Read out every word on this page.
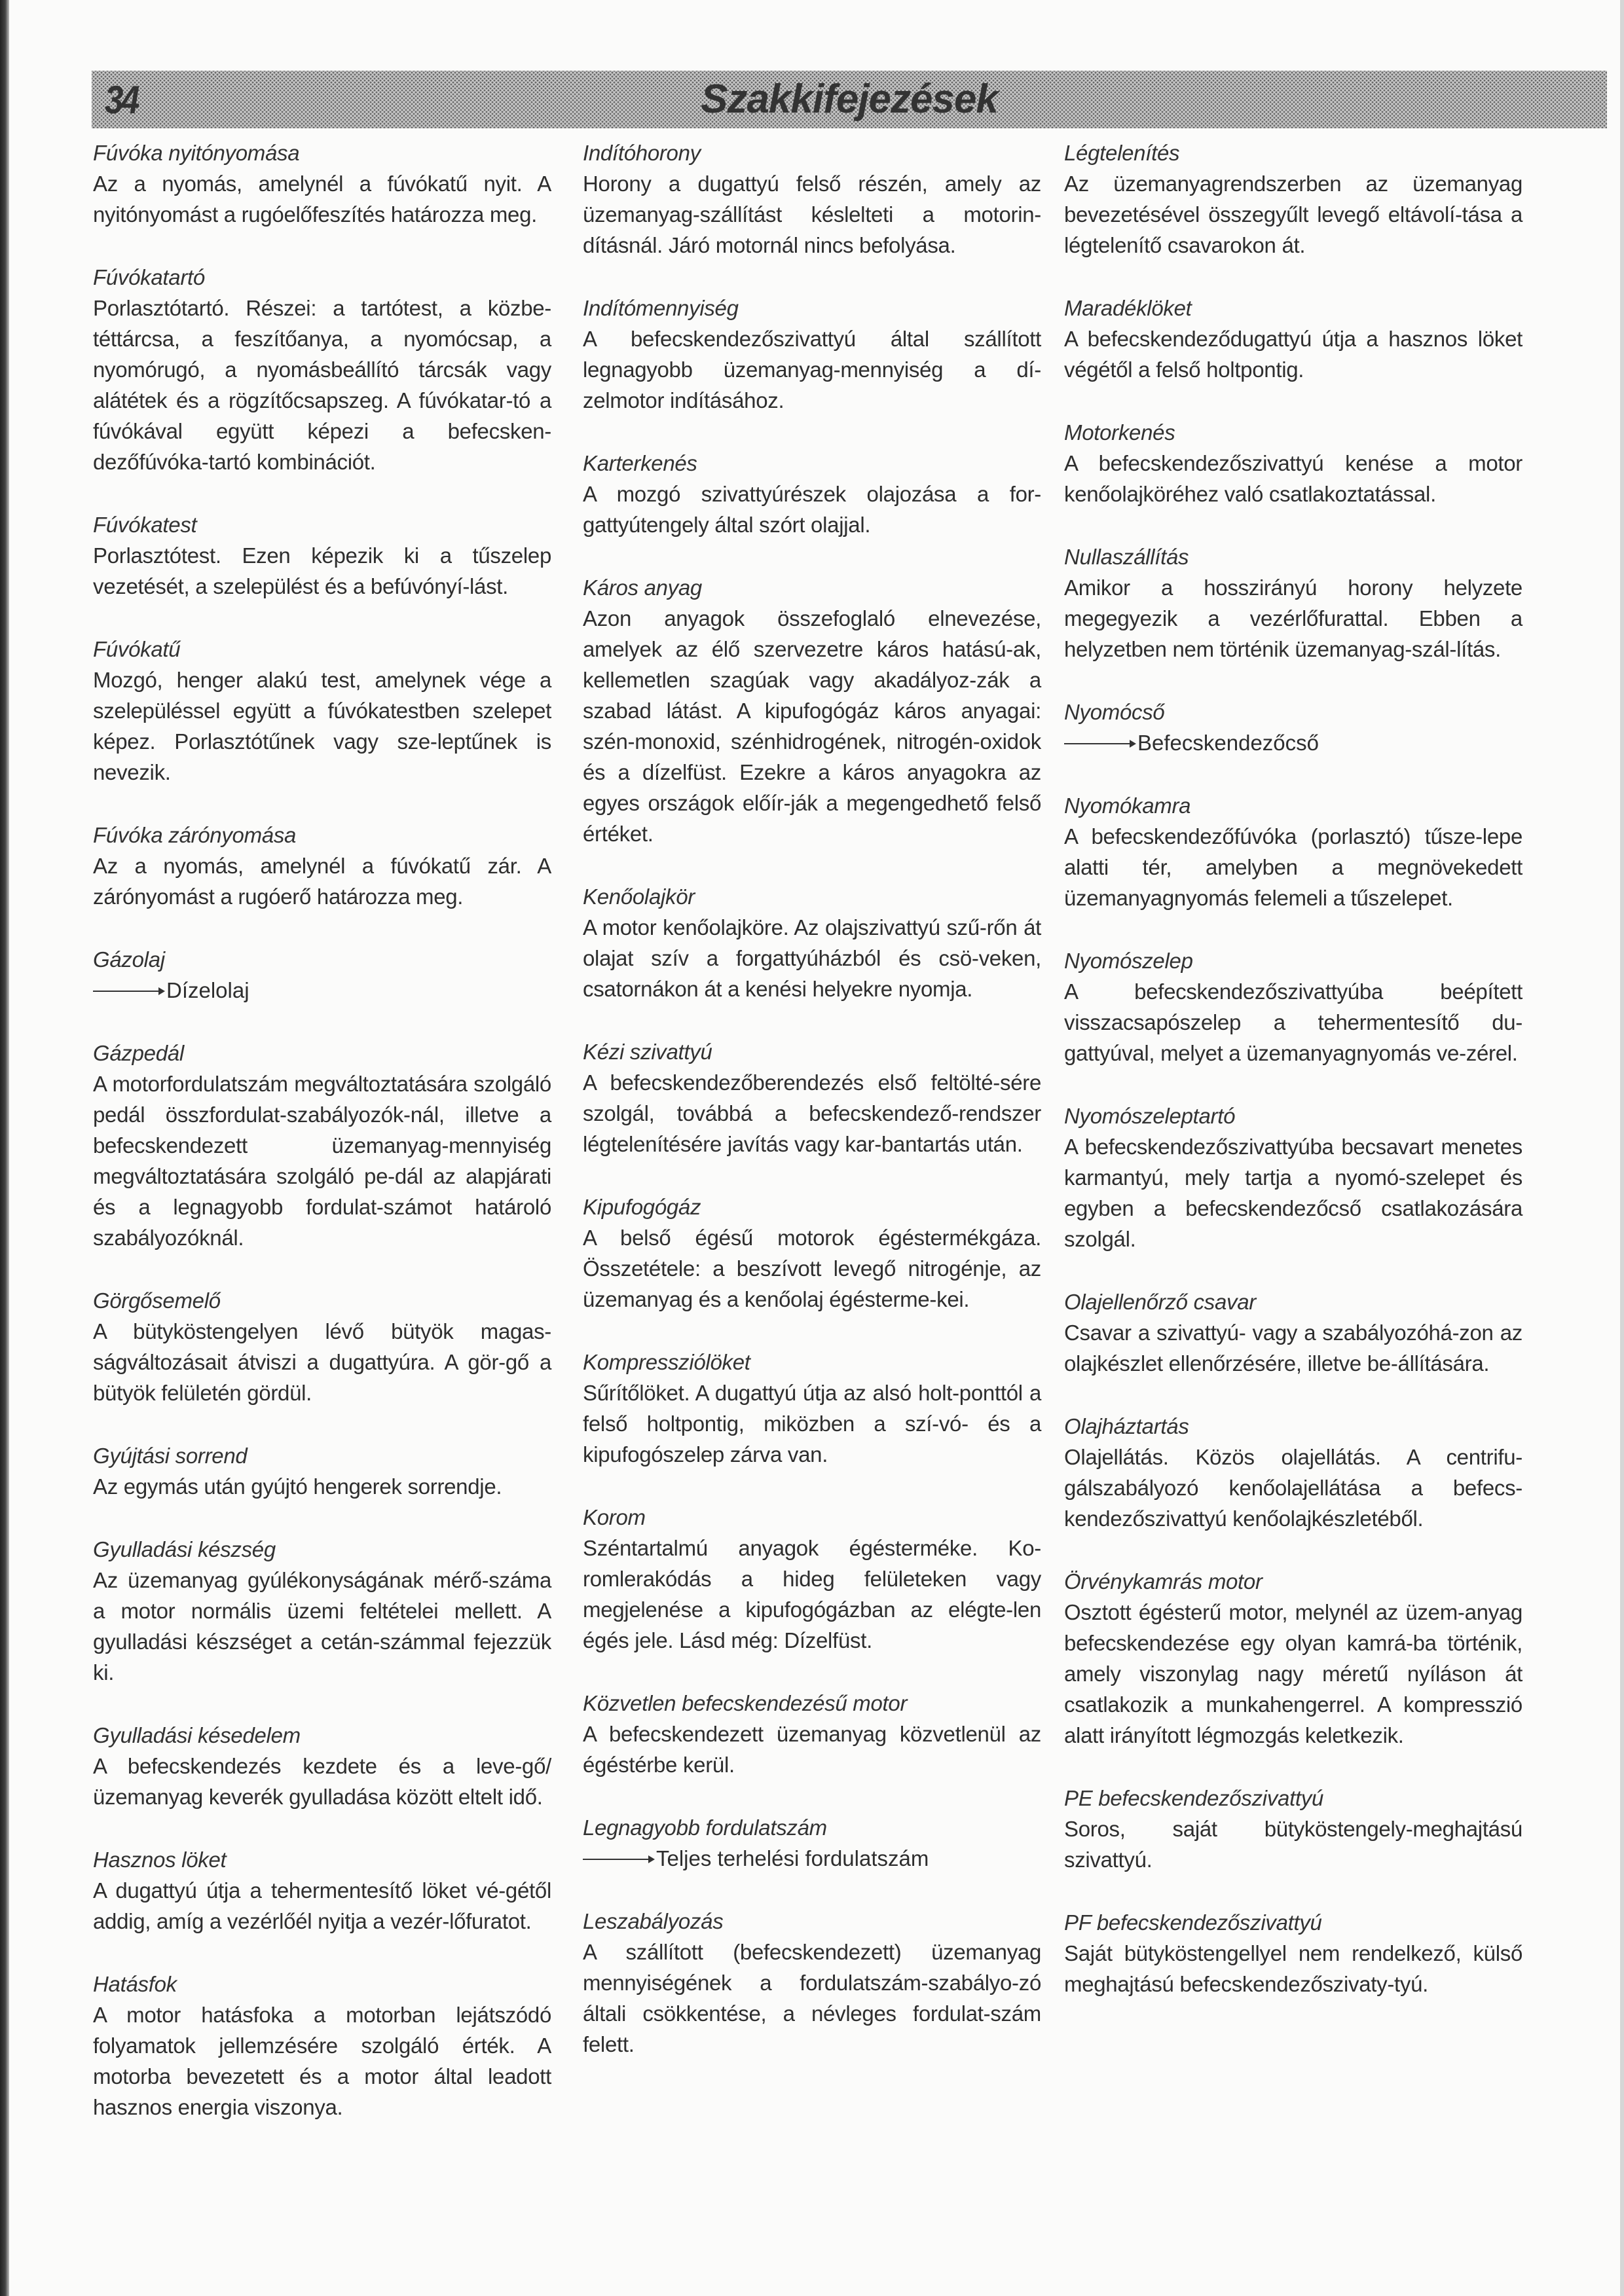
34	Szakkifejezések
Fúvóka nyitónyomása
Az a nyomás, amelynél a fúvókatű nyit. A nyitónyomást a rugóelőfeszítés határozza meg.
Fúvókatartó
Porlasztótartó. Részei: a tartótest, a közbe-téttárcsa, a feszítőanya, a nyomócsap, a nyomórugó, a nyomásbeállító tárcsák vagy alátétek és a rögzítőcsapszeg. A fúvókatar-tó a fúvókával együtt képezi a befecsken-dezőfúvóka-tartó kombinációt.
Fúvókatest
Porlasztótest. Ezen képezik ki a tűszelep vezetését, a szelepülést és a befúvónyí-lást.
Fúvókatű
Mozgó, henger alakú test, amelynek vége a szelepüléssel együtt a fúvókatestben szelepet képez. Porlasztótűnek vagy sze-leptűnek is nevezik.
Fúvóka zárónyomása
Az a nyomás, amelynél a fúvókatű zár. A zárónyomást a rugóerő határozza meg.
Gázolaj
Dízelolaj
Gázpedál
A motorfordulatszám megváltoztatására szolgáló pedál összfordulat-szabályozók-nál, illetve a befecskendezett üzemanyag-mennyiség megváltoztatására szolgáló pe-dál az alapjárati és a legnagyobb fordulat-számot határoló szabályozóknál.
Görgősemelő
A bütyköstengelyen lévő bütyök magas-ságváltozásait átviszi a dugattyúra. A gör-gő a bütyök felületén gördül.
Gyújtási sorrend
Az egymás után gyújtó hengerek sorrendje.
Gyulladási készség
Az üzemanyag gyúlékonyságának mérő-száma a motor normális üzemi feltételei mellett. A gyulladási készséget a cetán-számmal fejezzük ki.
Gyulladási késedelem
A befecskendezés kezdete és a leve-gő/üzemanyag keverék gyulladása között eltelt idő.
Hasznos löket
A dugattyú útja a tehermentesítő löket vé-gétől addig, amíg a vezérlőél nyitja a vezér-lőfuratot.
Hatásfok
A motor hatásfoka a motorban lejátszódó folyamatok jellemzésére szolgáló érték. A motorba bevezetett és a motor által leadott hasznos energia viszonya.
Indítóhorony
Horony a dugattyú felső részén, amely az üzemanyag-szállítást késlelteti a motorin-dításnál. Járó motornál nincs befolyása.
Indítómennyiség
A befecskendezőszivattyú által szállított legnagyobb üzemanyag-mennyiség a dí-zelmotor indításához.
Karterkenés
A mozgó szivattyúrészek olajozása a for-gattyútengely által szórt olajjal.
Káros anyag
Azon anyagok összefoglaló elnevezése, amelyek az élő szervezetre káros hatású-ak, kellemetlen szagúak vagy akadályoz-zák a szabad látást. A kipufogógáz káros anyagai: szén-monoxid, szénhidrogének, nitrogén-oxidok és a dízelfüst. Ezekre a káros anyagokra az egyes országok előír-ják a megengedhető felső értéket.
Kenőolajkör
A motor kenőolajköre. Az olajszivattyú szű-rőn át olajat szív a forgattyúházból és csö-veken, csatornákon át a kenési helyekre nyomja.
Kézi szivattyú
A befecskendezőberendezés első feltölté-sére szolgál, továbbá a befecskendező-rendszer légtelenítésére javítás vagy kar-bantartás után.
Kipufogógáz
A belső égésű motorok égéstermékgáza. Összetétele: a beszívott levegő nitrogénje, az üzemanyag és a kenőolaj égésterme-kei.
Kompressziólöket
Sűrítőlöket. A dugattyú útja az alsó holt-ponttól a felső holtpontig, miközben a szí-vó- és a kipufogószelep zárva van.
Korom
Széntartalmú anyagok égésterméke. Ko-romlerakódás a hideg felületeken vagy megjelenése a kipufogógázban az elégte-len égés jele. Lásd még: Dízelfüst.
Közvetlen befecskendezésű motor
A befecskendezett üzemanyag közvetlenül az égéstérbe kerül.
Legnagyobb fordulatszám
Teljes terhelési fordulatszám
Leszabályozás
A szállított (befecskendezett) üzemanyag mennyiségének a fordulatszám-szabályo-zó általi csökkentése, a névleges fordulat-szám felett.
Légtelenítés
Az üzemanyagrendszerben az üzemanyag bevezetésével összegyűlt levegő eltávolí-tása a légtelenítő csavarokon át.
Maradéklöket
A befecskendeződugattyú útja a hasznos löket végétől a felső holtpontig.
Motorkenés
A befecskendezőszivattyú kenése a motor kenőolajköréhez való csatlakoztatással.
Nullaszállítás
Amikor a hosszirányú horony helyzete megegyezik a vezérlőfurattal. Ebben a helyzetben nem történik üzemanyag-szál-lítás.
Nyomócső
Befecskendezőcső
Nyomókamra
A befecskendezőfúvóka (porlasztó) tűsze-lepe alatti tér, amelyben a megnövekedett üzemanyagnyomás felemeli a tűszelepet.
Nyomószelep
A befecskendezőszivattyúba beépített visszacsapószelep a tehermentesítő du-gattyúval, melyet a üzemanyagnyomás ve-zérel.
Nyomószeleptartó
A befecskendezőszivattyúba becsavart menetes karmantyú, mely tartja a nyomó-szelepet és egyben a befecskendezőcső csatlakozására szolgál.
Olajellenőrző csavar
Csavar a szivattyú- vagy a szabályozóhá-zon az olajkészlet ellenőrzésére, illetve be-állítására.
Olajháztartás
Olajellátás. Közös olajellátás. A centrifu-gálszabályozó kenőolajellátása a befecs-kendezőszivattyú kenőolajkészletéből.
Örvénykamrás motor
Osztott égésterű motor, melynél az üzem-anyag befecskendezése egy olyan kamrá-ba történik, amely viszonylag nagy méretű nyíláson át csatlakozik a munkahengerrel. A kompresszió alatt irányított légmozgás keletkezik.
PE befecskendezőszivattyú
Soros, saját bütyköstengely-meghajtású szivattyú.
PF befecskendezőszivattyú
Saját bütyköstengellyel nem rendelkező, külső meghajtású befecskendezőszivaty-tyú.
